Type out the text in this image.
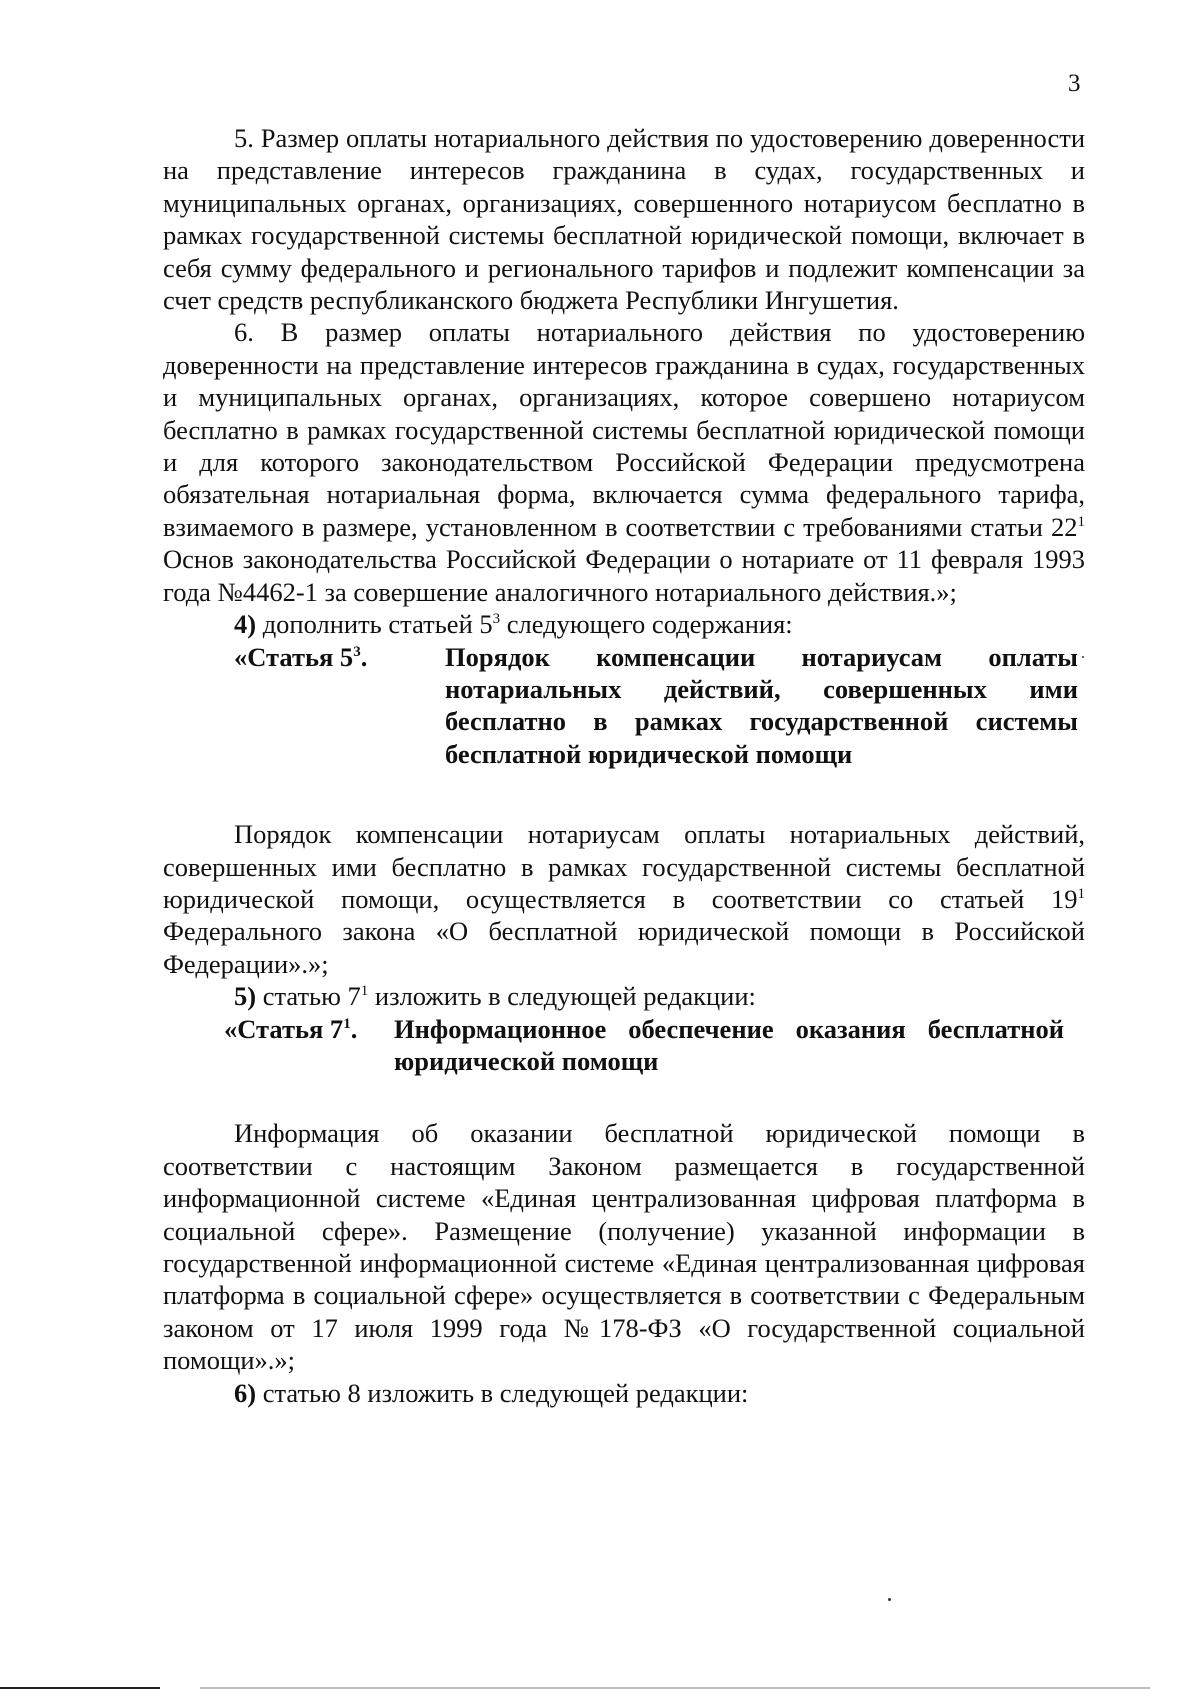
3

5. Размер оплаты нотариального действия по удостоверению доверенности на представление интересов гражданина в судах, государственных и муниципальных органах, организациях, совершенного нотариусом бесплатно в рамках государственной системы бесплатной юридической помощи, включает в себя сумму федерального и регионального тарифов и подлежит компенсации за счет средств республиканского бюджета Республики Ингушетия.

6. В размер оплаты нотариального действия по удостоверению доверенности на представление интересов гражданина в судах, государственных и муниципальных органах, организациях, которое совершено нотариусом бесплатно в рамках государственной системы бесплатной юридической помощи и для которого законодательством Российской Федерации предусмотрена обязательная нотариальная форма, включается сумма федерального тарифа, взимаемого в размере, установленном в соответствии с требованиями статьи $22^1$ Основ законодательства Российской Федерации о нотариате от 11 февраля 1993 года №4462-1 за совершение аналогичного нотариального действия.»;

4) дополнить статьей $5^3$ следующего содержания:

«Статья $5^3$.	Порядок компенсации нотариусам оплаты нотариальных действий, совершенных ими бесплатно в рамках государственной системы бесплатной юридической помощи

Порядок компенсации нотариусам оплаты нотариальных действий, совершенных ими бесплатно в рамках государственной системы бесплатной юридической помощи, осуществляется в соответствии со статьей $19^1$ Федерального закона «О бесплатной юридической помощи в Российской Федерации».»;

5) статью $7^1$ изложить в следующей редакции:

«Статья $7^1$.	Информационное обеспечение оказания бесплатной юридической помощи

Информация об оказании бесплатной юридической помощи в соответствии с настоящим Законом размещается в государственной информационной системе «Единая централизованная цифровая платформа в социальной сфере». Размещение (получение) указанной информации в государственной информационной системе «Единая централизованная цифровая платформа в социальной сфере» осуществляется в соответствии с Федеральным законом от 17 июля 1999 года №178-ФЗ «О государственной социальной помощи».»;

6) статью 8 изложить в следующей редакции:
